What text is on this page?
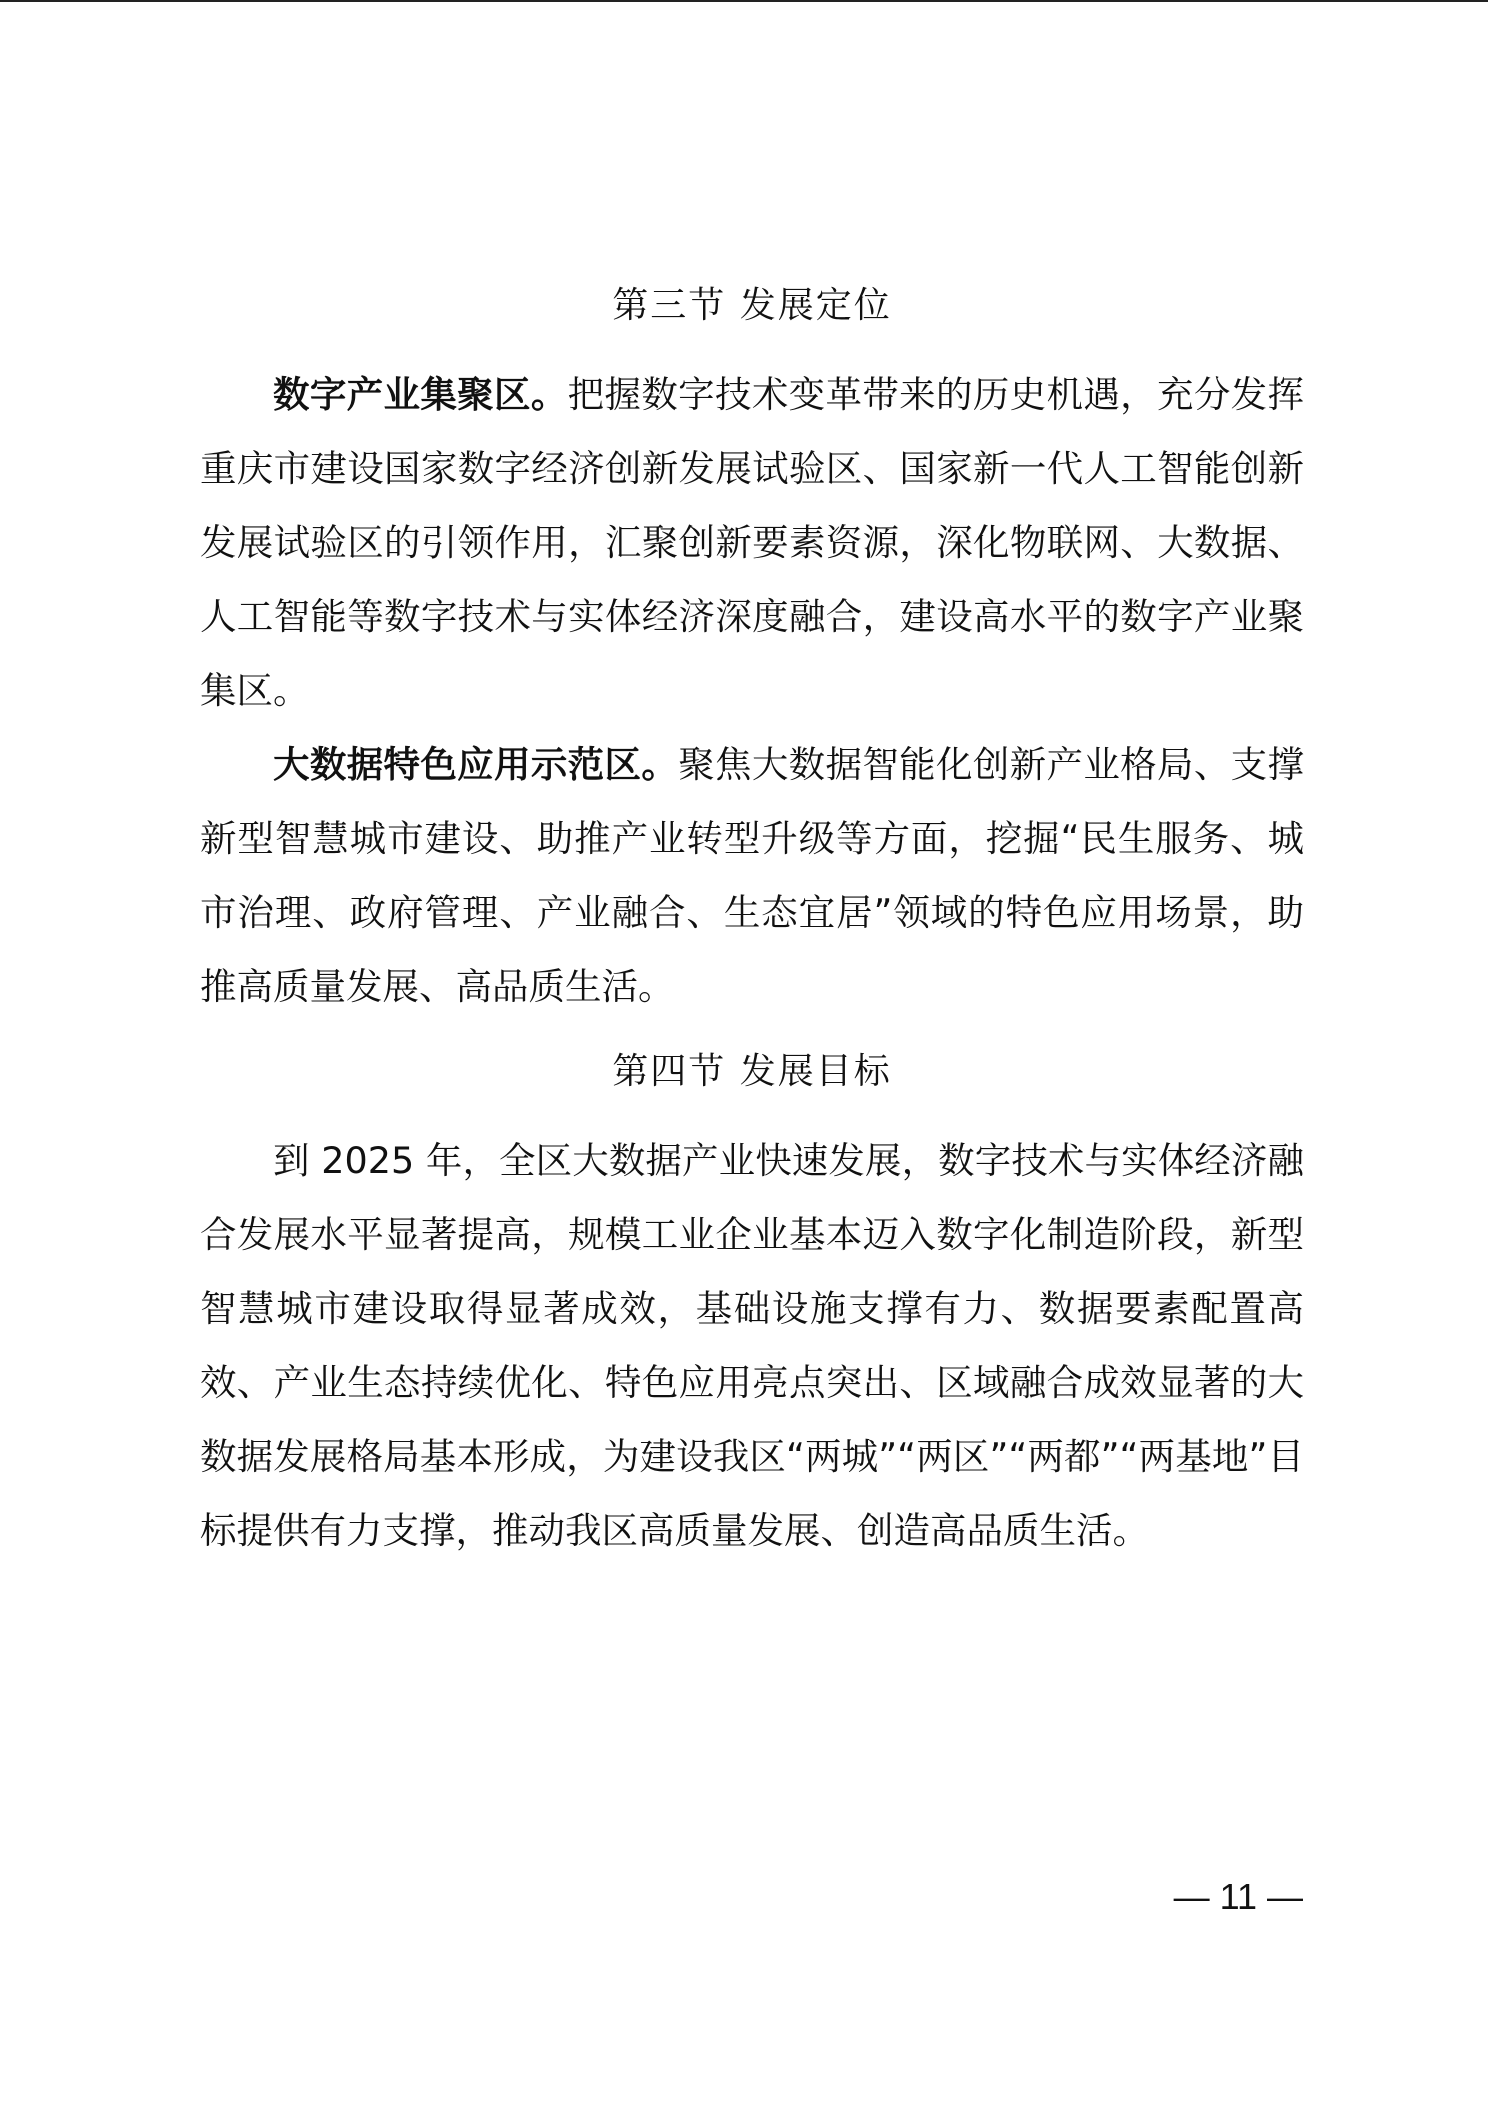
第三节 发展定位

数字产业集聚区。把握数字技术变革带来的历史机遇，充分发挥重庆市建设国家数字经济创新发展试验区、国家新一代人工智能创新发展试验区的引领作用，汇聚创新要素资源，深化物联网、大数据、人工智能等数字技术与实体经济深度融合，建设高水平的数字产业聚集区。

大数据特色应用示范区。聚焦大数据智能化创新产业格局、支撑新型智慧城市建设、助推产业转型升级等方面，挖掘“民生服务、城市治理、政府管理、产业融合、生态宜居”领域的特色应用场景，助推高质量发展、高品质生活。

第四节 发展目标

到 2025 年，全区大数据产业快速发展，数字技术与实体经济融合发展水平显著提高，规模工业企业基本迈入数字化制造阶段，新型智慧城市建设取得显著成效，基础设施支撑有力、数据要素配置高效、产业生态持续优化、特色应用亮点突出、区域融合成效显著的大数据发展格局基本形成，为建设我区“两城”“两区”“两都”“两基地”目标提供有力支撑，推动我区高质量发展、创造高品质生活。

— 11 —
